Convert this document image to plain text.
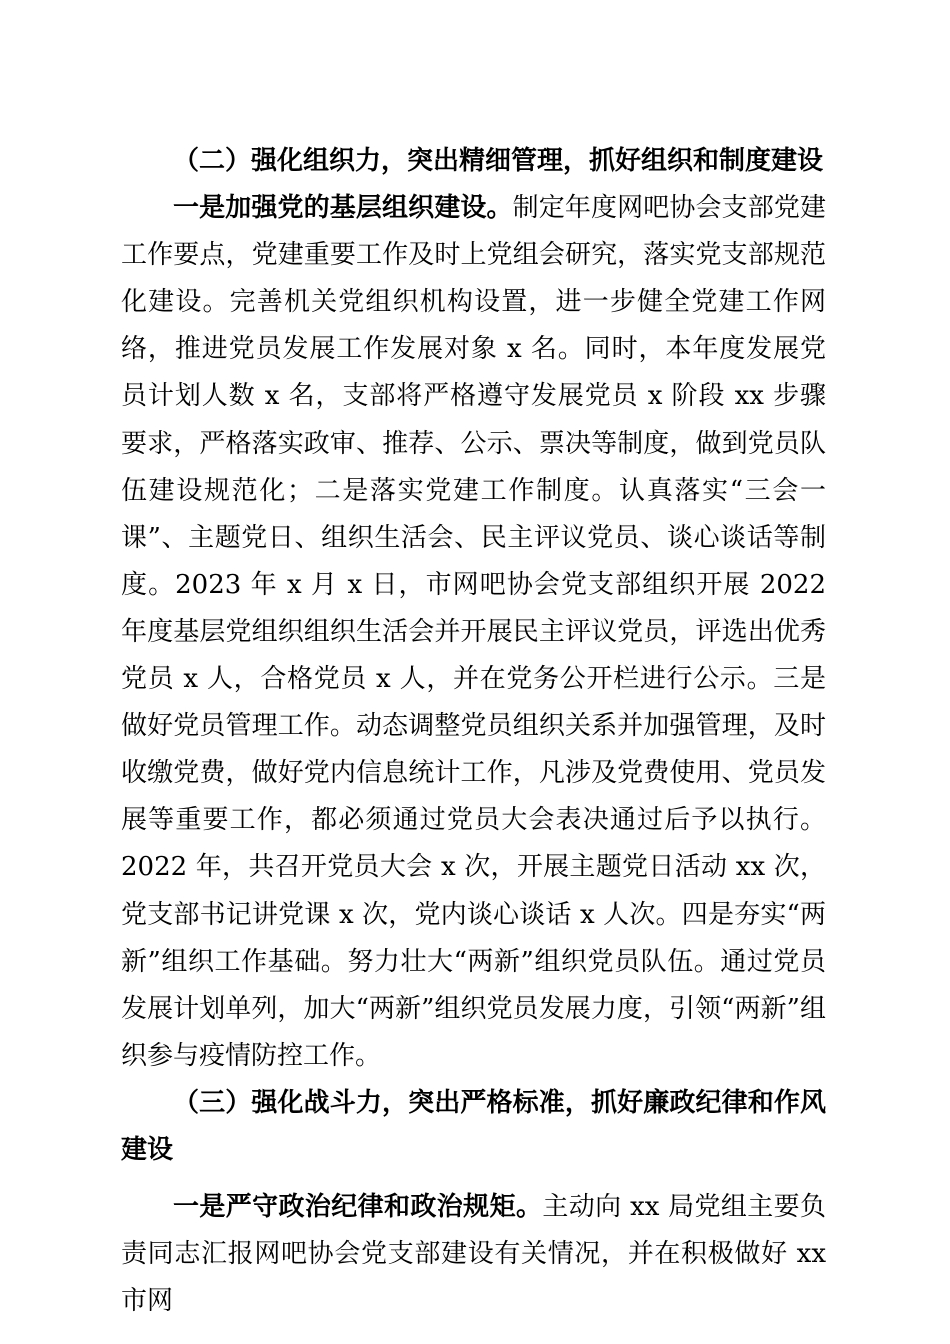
（二）强化组织力，突出精细管理，抓好组织和制度建设

一是加强党的基层组织建设。制定年度网吧协会支部党建工作要点，党建重要工作及时上党组会研究，落实党支部规范化建设。完善机关党组织机构设置，进一步健全党建工作网络，推进党员发展工作发展对象 x 名。同时，本年度发展党员计划人数 x 名，支部将严格遵守发展党员 x 阶段 xx 步骤要求，严格落实政审、推荐、公示、票决等制度，做到党员队伍建设规范化；二是落实党建工作制度。认真落实“三会一课”、主题党日、组织生活会、民主评议党员、谈心谈话等制度。2023 年 x 月 x 日，市网吧协会党支部组织开展 2022 年度基层党组织组织生活会并开展民主评议党员，评选出优秀党员 x 人，合格党员 x 人，并在党务公开栏进行公示。三是做好党员管理工作。动态调整党员组织关系并加强管理，及时收缴党费，做好党内信息统计工作，凡涉及党费使用、党员发展等重要工作，都必须通过党员大会表决通过后予以执行。2022 年，共召开党员大会 x 次，开展主题党日活动 xx 次，党支部书记讲党课 x 次，党内谈心谈话 x 人次。四是夯实“两新”组织工作基础。努力壮大“两新”组织党员队伍。通过党员发展计划单列，加大“两新”组织党员发展力度，引领“两新”组织参与疫情防控工作。

（三）强化战斗力，突出严格标准，抓好廉政纪律和作风建设

一是严守政治纪律和政治规矩。主动向 xx 局党组主要负责同志汇报网吧协会党支部建设有关情况，并在积极做好 xx 市网
